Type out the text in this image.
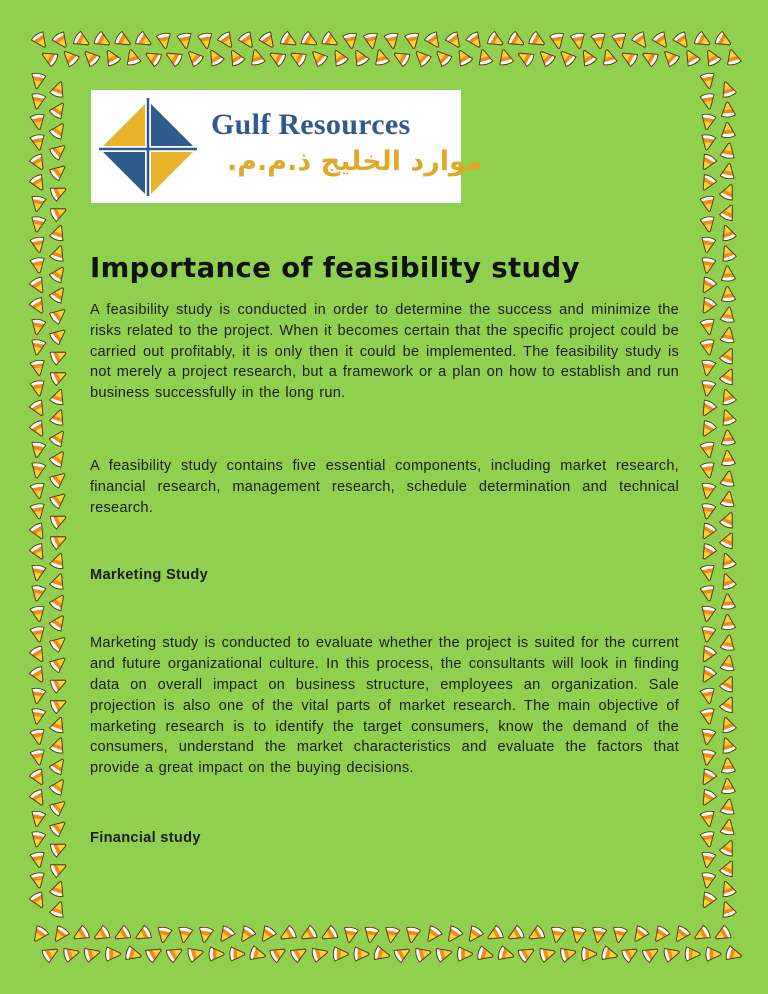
Gulf Resources
موارد الخليج ذ.م.م.
Importance of feasibility study

A feasibility study is conducted in order to determine the success and minimize the risks related to the project. When it becomes certain that the specific project could be carried out profitably, it is only then it could be implemented. The feasibility study is not merely a project research, but a framework or a plan on how to establish and run business successfully in the long run.

A feasibility study contains five essential components, including market research, financial research, management research, schedule determination and technical research.

Marketing Study

Marketing study is conducted to evaluate whether the project is suited for the current and future organizational culture. In this process, the consultants will look in finding data on overall impact on business structure, employees an organization. Sale projection is also one of the vital parts of market research. The main objective of marketing research is to identify the target consumers, know the demand of the consumers, understand the market characteristics and evaluate the factors that provide a great impact on the buying decisions.

Financial study
